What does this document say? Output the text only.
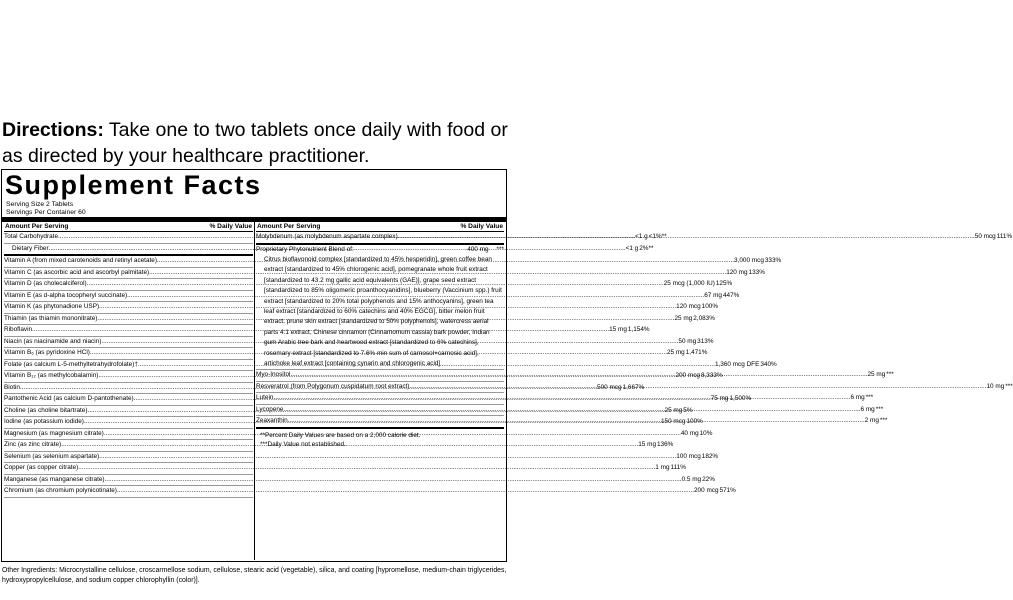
Directions: Take one to two tablets once daily with food or as directed by your healthcare practitioner.
Supplement Facts
Serving Size 2 Tablets
Servings Per Container 60
Amount Per Serving	% Daily Value
Total Carbohydrate .....	<1 g <1%**
Dietary Fiber .....	<1 g 2%**
Vitamin A (from mixed carotenoids and retinyl acetate) .....	3,000 mcg 333%
Vitamin C (as ascorbic acid and ascorbyl palmitate) .....	120 mg 133%
Vitamin D (as cholecalciferol) .....	25 mcg (1,000 IU) 125%
Vitamin E (as d-alpha tocopheryl succinate) .....	67 mg 447%
Vitamin K (as phytonadione USP) .....	120 mcg 100%
Thiamin (as thiamin mononitrate) .....	25 mg 2,083%
Riboflavin .....	15 mg 1,154%
Niacin (as niacinamide and niacin) .....	50 mg 313%
Vitamin B₆ (as pyridoxine HCl) .....	25 mg 1,471%
Folate (as calcium L-5-methyltetrahydrofolate)† .....	1,360 mcg DFE 340%
Vitamin B₁₂ (as methylcobalamin) .....	200 mcg 8,333%
Biotin .....	500 mcg 1,667%
Pantothenic Acid (as calcium D-pantothenate) .....	75 mg 1,500%
Choline (as choline bitartrate) .....	25 mg 5%
Iodine (as potassium iodide) .....	150 mcg 100%
Magnesium (as magnesium citrate) .....	40 mg 10%
Zinc (as zinc citrate) .....	15 mg 136%
Selenium (as selenium aspartate) .....	100 mcg 182%
Copper (as copper citrate) .....	1 mg 111%
Manganese (as manganese citrate) .....	0.5 mg 22%
Chromium (as chromium polynicotinate) .....	200 mcg 571%
Amount Per Serving	% Daily Value
Molybdenum (as molybdenum aspartate complex) .....	50 mcg 111%
Proprietary Phytonutrient Blend of:	400 mg ***
Citrus bioflavonoid complex [standardized to 45% hesperidin], green coffee bean extract [standardized to 45% chlorogenic acid], pomegranate whole fruit extract [standardized to 43.2 mg gallic acid equivalents (GAE)], grape seed extract [standardized to 85% oligomeric proanthocyanidins], blueberry (Vaccinium spp.) fruit extract [standardized to 20% total polyphenols and 15% anthocyanins], green tea leaf extract [standardized to 60% catechins and 40% EGCG], bitter melon fruit extract, prune skin extract [standardized to 50% polyphenols], watercress aerial parts 4:1 extract, Chinese cinnamon (Cinnamomum cassia) bark powder, Indian gum Arabic tree bark and heartwood extract [standardized to 6% catechins], rosemary extract [standardized to 7.6% min sum of carnosol+carnosic acid], artichoke leaf extract [containing cynarin and chlorogenic acid]
Myo-Inositol .....	25 mg ***
Resveratrol (from Polygonum cuspidatum root extract) .....	10 mg ***
Lutein .....	6 mg ***
Lycopene .....	6 mg ***
Zeaxanthin .....	2 mg ***
**Percent Daily Values are based on a 2,000 calorie diet.
***Daily Value not established.
Other Ingredients: Microcrystalline cellulose, croscarmellose sodium, cellulose, stearic acid (vegetable), silica, and coating [hypromellose, medium-chain triglycerides, hydroxypropylcellulose, and sodium copper chlorophyllin (color)].
